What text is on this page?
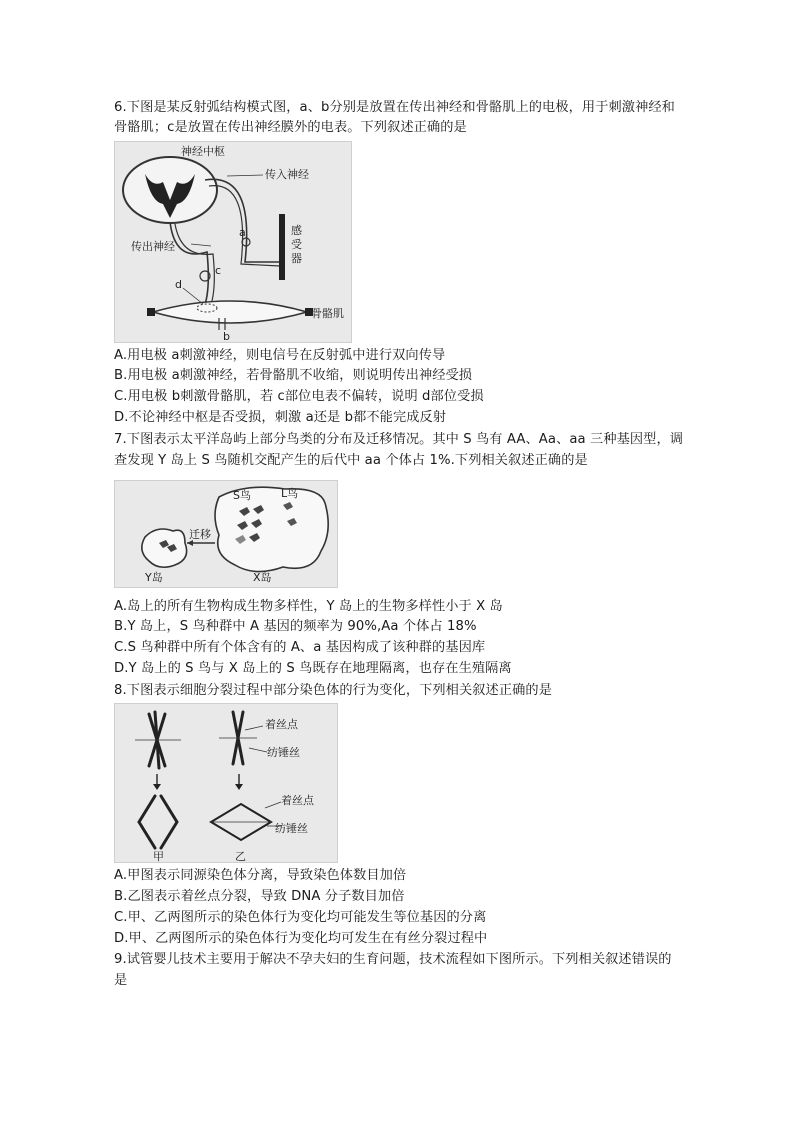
6.下图是某反射弧结构模式图，a、b分别是放置在传出神经和骨骼肌上的电极，用于刺激神经和
骨骼肌；c是放置在传出神经膜外的电表。下列叙述正确的是
神经中枢
传入神经
传出神经
感
受
器
骨骼肌
a
c
d
b
A.用电极 a刺激神经，则电信号在反射弧中进行双向传导
B.用电极 a刺激神经，若骨骼肌不收缩，则说明传出神经受损
C.用电极 b刺激骨骼肌，若 c部位电表不偏转，说明 d部位受损
D.不论神经中枢是否受损，刺激 a还是 b都不能完成反射
7.下图表示太平洋岛屿上部分鸟类的分布及迁移情况。其中 S 鸟有 AA、Aa、aa 三种基因型，调
查发现 Y 岛上 S 鸟随机交配产生的后代中 aa 个体占 1%.下列相关叙述正确的是
S鸟	L鸟
迁移
Y岛	X岛
A.岛上的所有生物构成生物多样性，Y 岛上的生物多样性小于 X 岛
B.Y 岛上，S 鸟种群中 A 基因的频率为 90%,Aa 个体占 18%
C.S 鸟种群中所有个体含有的 A、a 基因构成了该种群的基因库
D.Y 岛上的 S 鸟与 X 岛上的 S 鸟既存在地理隔离，也存在生殖隔离
8.下图表示细胞分裂过程中部分染色体的行为变化，下列相关叙述正确的是
着丝点
纺锤丝
着丝点
纺锤丝
甲	乙
A.甲图表示同源染色体分离，导致染色体数目加倍
B.乙图表示着丝点分裂，导致 DNA 分子数目加倍
C.甲、乙两图所示的染色体行为变化均可能发生等位基因的分离
D.甲、乙两图所示的染色体行为变化均可发生在有丝分裂过程中
9.试管婴儿技术主要用于解决不孕夫妇的生育问题，技术流程如下图所示。下列相关叙述错误的
是
